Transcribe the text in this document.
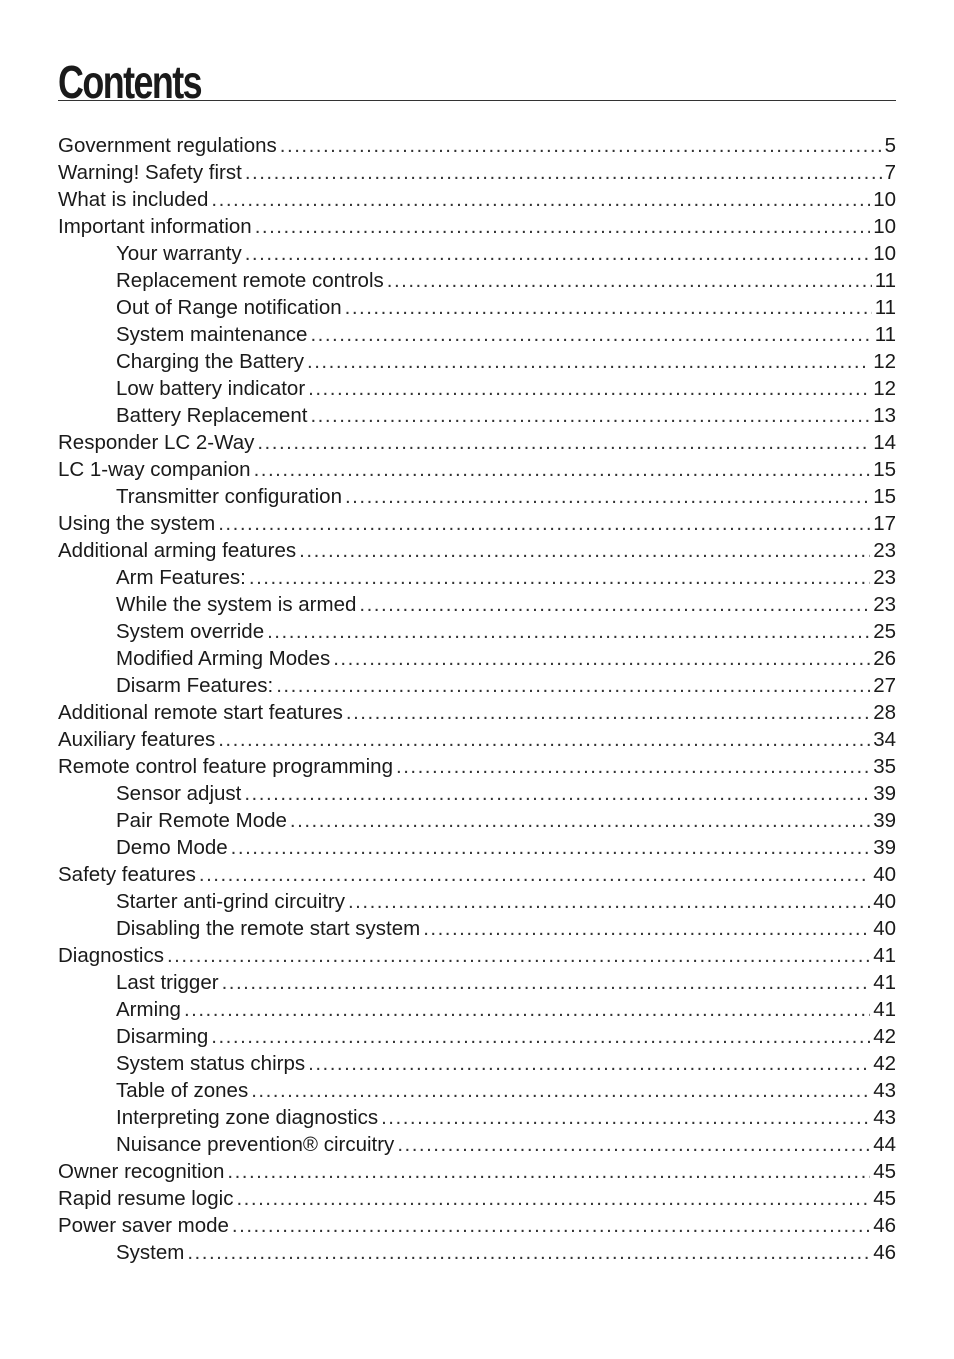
Contents
Government regulations .....	5
Warning! Safety first .....	7
What is included .....	10
Important information .....	10
Your warranty .....	10
Replacement remote controls .....	11
Out of Range notification .....	11
System maintenance .....	11
Charging the Battery .....	12
Low battery indicator .....	12
Battery Replacement .....	13
Responder LC 2-Way .....	14
LC 1-way companion .....	15
Transmitter configuration .....	15
Using the system .....	17
Additional arming features .....	23
Arm Features: .....	23
While the system is armed .....	23
System override .....	25
Modified Arming Modes .....	26
Disarm Features: .....	27
Additional remote start features .....	28
Auxiliary features .....	34
Remote control feature programming .....	35
Sensor adjust .....	39
Pair Remote Mode .....	39
Demo Mode .....	39
Safety features .....	40
Starter anti-grind circuitry .....	40
Disabling the remote start system .....	40
Diagnostics .....	41
Last trigger .....	41
Arming .....	41
Disarming .....	42
System status chirps .....	42
Table of zones .....	43
Interpreting zone diagnostics .....	43
Nuisance prevention® circuitry .....	44
Owner recognition .....	45
Rapid resume logic .....	45
Power saver mode .....	46
System .....	46
